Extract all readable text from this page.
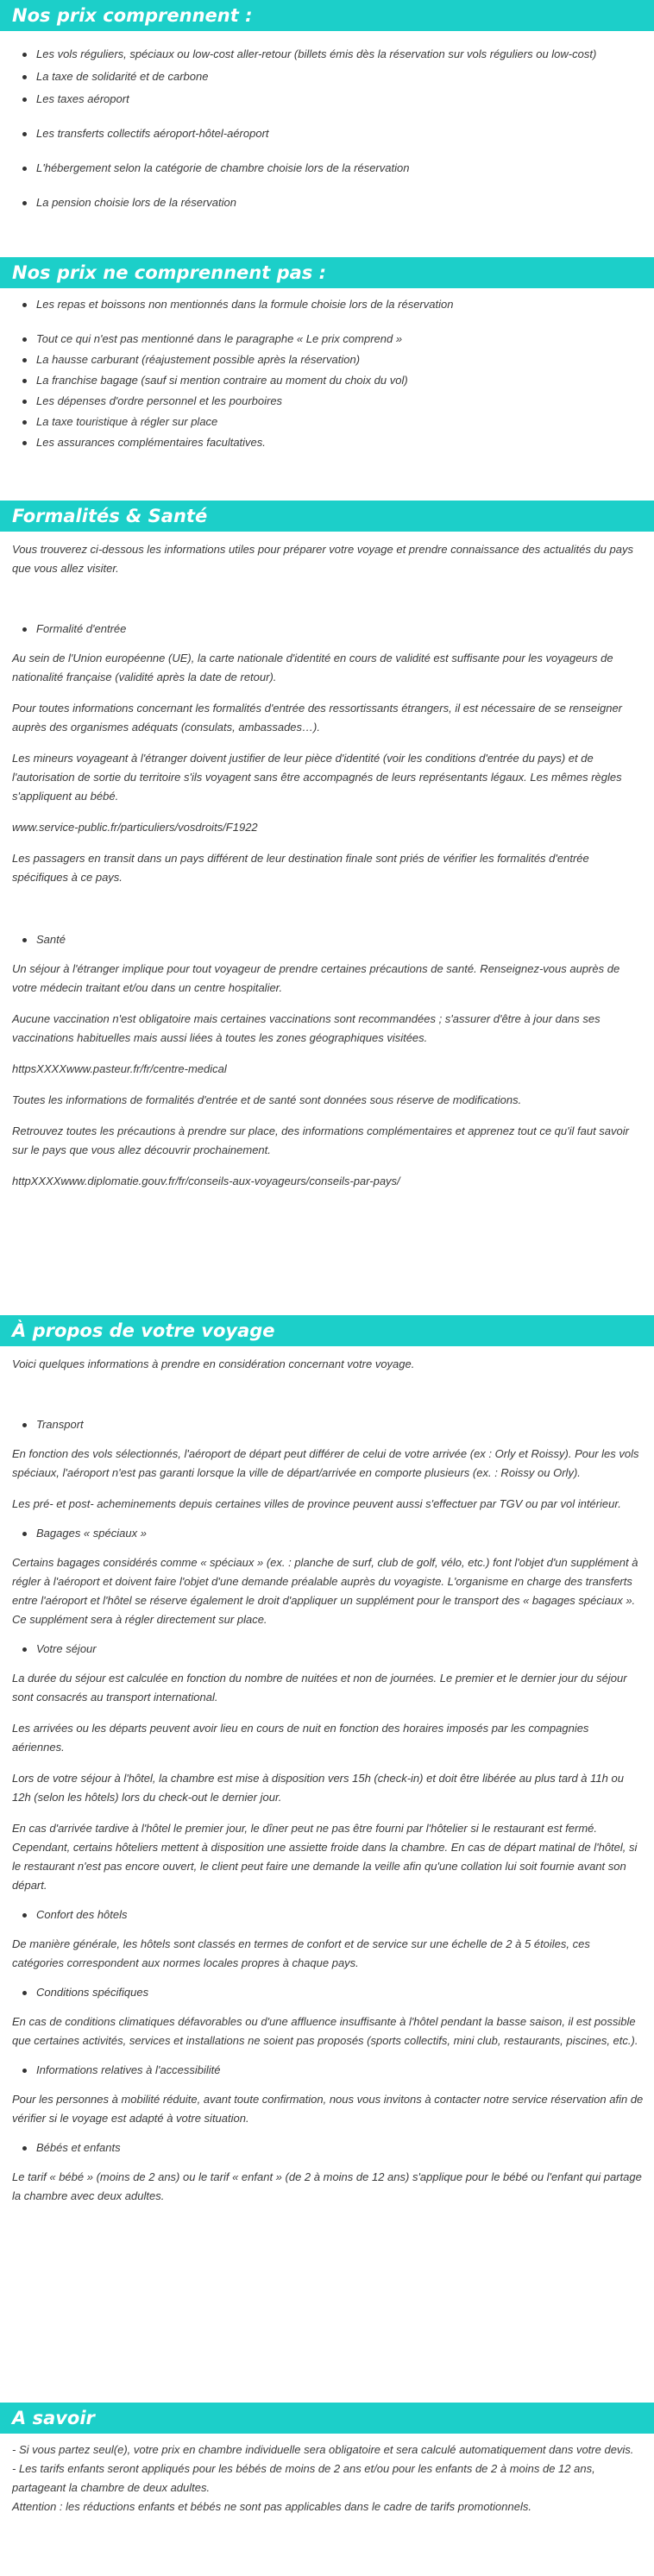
Nos prix comprennent :
Les vols réguliers, spéciaux ou low-cost aller-retour (billets émis dès la réservation sur vols réguliers ou low-cost)
La taxe de solidarité et de carbone
Les taxes aéroport
Les transferts collectifs aéroport-hôtel-aéroport
L'hébergement selon la catégorie de chambre choisie lors de la réservation
La pension choisie lors de la réservation
Nos prix ne comprennent pas :
Les repas et boissons non mentionnés dans la formule choisie lors de la réservation
Tout ce qui n'est pas mentionné dans le paragraphe « Le prix comprend »
La hausse carburant (réajustement possible après la réservation)
La franchise bagage (sauf si mention contraire au moment du choix du vol)
Les dépenses d'ordre personnel et les pourboires
La taxe touristique à régler sur place
Les assurances complémentaires facultatives.
Formalités & Santé

Vous trouverez ci-dessous les informations utiles pour préparer votre voyage et prendre connaissance des actualités du pays que vous allez visiter.

Formalité d'entrée

Au sein de l'Union européenne (UE), la carte nationale d'identité en cours de validité est suffisante pour les voyageurs de nationalité française (validité après la date de retour).

Pour toutes informations concernant les formalités d'entrée des ressortissants étrangers, il est nécessaire de se renseigner auprès des organismes adéquats (consulats, ambassades…).

Les mineurs voyageant à l'étranger doivent justifier de leur pièce d'identité (voir les conditions d'entrée du pays) et de l'autorisation de sortie du territoire s'ils voyagent sans être accompagnés de leurs représentants légaux. Les mêmes règles s'appliquent au bébé.

www.service-public.fr/particuliers/vosdroits/F1922

Les passagers en transit dans un pays différent de leur destination finale sont priés de vérifier les formalités d'entrée spécifiques à ce pays.

Santé

Un séjour à l'étranger implique pour tout voyageur de prendre certaines précautions de santé. Renseignez-vous auprès de votre médecin traitant et/ou dans un centre hospitalier.

Aucune vaccination n'est obligatoire mais certaines vaccinations sont recommandées ; s'assurer d'être à jour dans ses vaccinations habituelles mais aussi liées à toutes les zones géographiques visitées.

httpsXXXXwww.pasteur.fr/fr/centre-medical

Toutes les informations de formalités d'entrée et de santé sont données sous réserve de modifications.

Retrouvez toutes les précautions à prendre sur place, des informations complémentaires et apprenez tout ce qu'il faut savoir sur le pays que vous allez découvrir prochainement.

httpXXXXwww.diplomatie.gouv.fr/fr/conseils-aux-voyageurs/conseils-par-pays/

À propos de votre voyage

Voici quelques informations à prendre en considération concernant votre voyage.

Transport

En fonction des vols sélectionnés, l'aéroport de départ peut différer de celui de votre arrivée (ex : Orly et Roissy). Pour les vols spéciaux, l'aéroport n'est pas garanti lorsque la ville de départ/arrivée en comporte plusieurs (ex. : Roissy ou Orly).

Les pré- et post- acheminements depuis certaines villes de province peuvent aussi s'effectuer par TGV ou par vol intérieur.

Bagages « spéciaux »

Certains bagages considérés comme « spéciaux » (ex. : planche de surf, club de golf, vélo, etc.) font l'objet d'un supplément à régler à l'aéroport et doivent faire l'objet d'une demande préalable auprès du voyagiste. L'organisme en charge des transferts entre l'aéroport et l'hôtel se réserve également le droit d'appliquer un supplément pour le transport des « bagages spéciaux ». Ce supplément sera à régler directement sur place.

Votre séjour

La durée du séjour est calculée en fonction du nombre de nuitées et non de journées. Le premier et le dernier jour du séjour sont consacrés au transport international.

Les arrivées ou les départs peuvent avoir lieu en cours de nuit en fonction des horaires imposés par les compagnies aériennes.

Lors de votre séjour à l'hôtel, la chambre est mise à disposition vers 15h (check-in) et doit être libérée au plus tard à 11h ou 12h (selon les hôtels) lors du check-out le dernier jour.

En cas d'arrivée tardive à l'hôtel le premier jour, le dîner peut ne pas être fourni par l'hôtelier si le restaurant est fermé. Cependant, certains hôteliers mettent à disposition une assiette froide dans la chambre. En cas de départ matinal de l'hôtel, si le restaurant n'est pas encore ouvert, le client peut faire une demande la veille afin qu'une collation lui soit fournie avant son départ.

Confort des hôtels

De manière générale, les hôtels sont classés en termes de confort et de service sur une échelle de 2 à 5 étoiles, ces catégories correspondent aux normes locales propres à chaque pays.

Conditions spécifiques

En cas de conditions climatiques défavorables ou d'une affluence insuffisante à l'hôtel pendant la basse saison, il est possible que certaines activités, services et installations ne soient pas proposés (sports collectifs, mini club, restaurants, piscines, etc.).

Informations relatives à l'accessibilité

Pour les personnes à mobilité réduite, avant toute confirmation, nous vous invitons à contacter notre service réservation afin de vérifier si le voyage est adapté à votre situation.

Bébés et enfants

Le tarif « bébé » (moins de 2 ans) ou le tarif « enfant » (de 2 à moins de 12 ans) s'applique pour le bébé ou l'enfant qui partage la chambre avec deux adultes.

A savoir

- Si vous partez seul(e), votre prix en chambre individuelle sera obligatoire et sera calculé automatiquement dans votre devis.

- Les tarifs enfants seront appliqués pour les bébés de moins de 2 ans et/ou pour les enfants de 2 à moins de 12 ans, partageant la chambre de deux adultes.

Attention : les réductions enfants et bébés ne sont pas applicables dans le cadre de tarifs promotionnels.
